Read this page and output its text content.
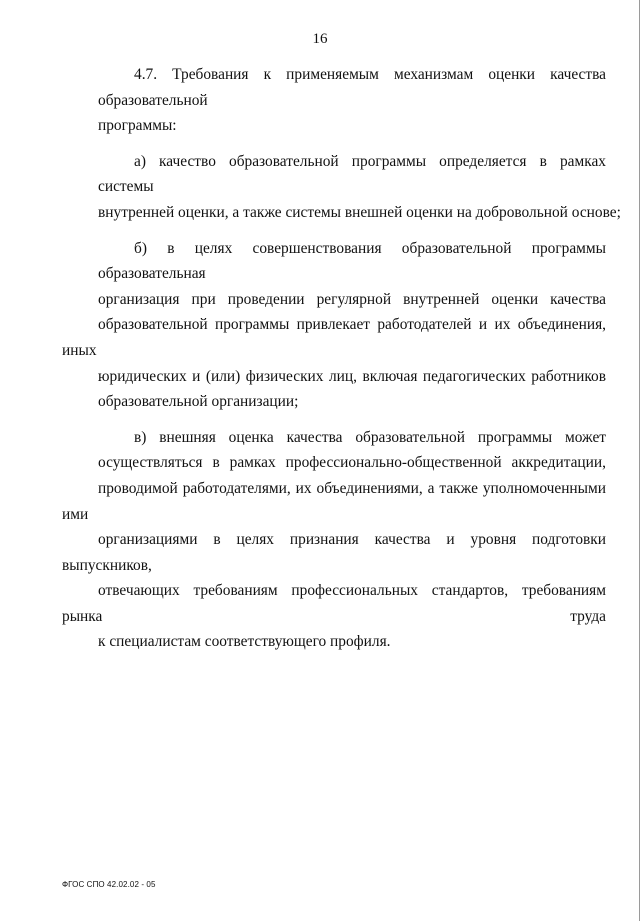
16
4.7. Требования к применяемым механизмам оценки качества образовательной
программы:
а) качество образовательной программы определяется в рамках системы
внутренней оценки, а также системы внешней оценки на добровольной основе;
б) в целях совершенствования образовательной программы образовательная
организация при проведении регулярной внутренней оценки качества
образовательной программы привлекает работодателей и их объединения, иных
юридических и (или) физических лиц, включая педагогических работников
образовательной организации;
в) внешняя оценка качества образовательной программы может
осуществляться в рамках профессионально-общественной аккредитации,
проводимой работодателями, их объединениями, а также уполномоченными ими
организациями в целях признания качества и уровня подготовки выпускников,
отвечающих требованиям профессиональных стандартов, требованиям рынка труда
к специалистам соответствующего профиля.
ФГОС СПО 42.02.02 - 05
